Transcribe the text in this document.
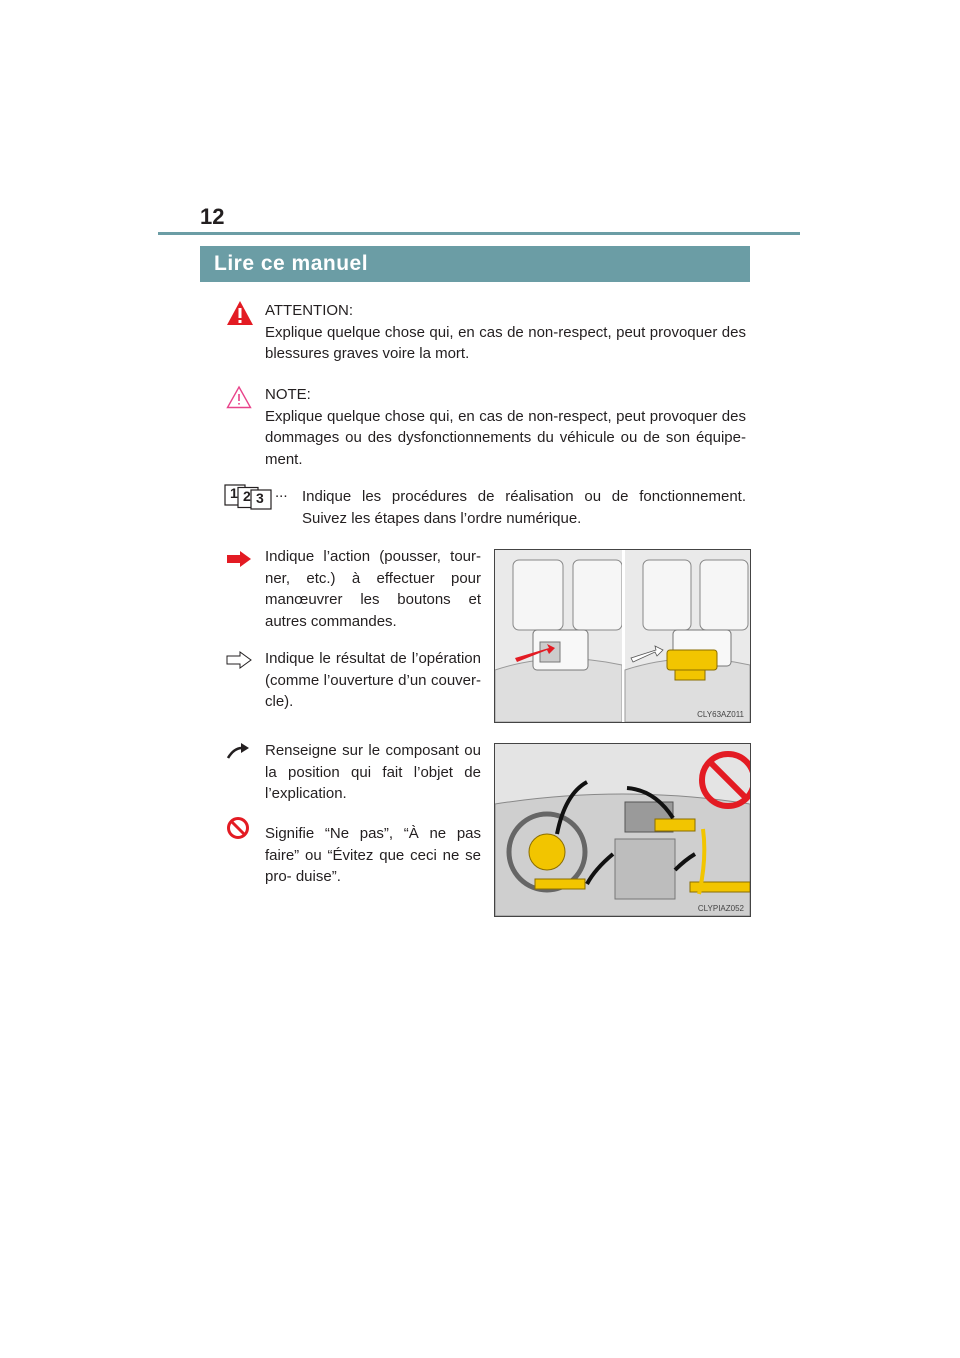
12
Lire ce manuel
ATTENTION:
Explique quelque chose qui, en cas de non-respect, peut provoquer des blessures graves voire la mort.
NOTE:
Explique quelque chose qui, en cas de non-respect, peut provoquer des dommages ou des dysfonctionnements du véhicule ou de son équipe- ment.
1 2 3 ... Indique les procédures de réalisation ou de fonctionnement. Suivez les étapes dans l’ordre numérique.
Indique l’action (pousser, tour- ner, etc.) à effectuer pour manœuvrer les boutons et autres commandes.
Indique le résultat de l’opération (comme l’ouverture d’un couver- cle).
Renseigne sur le composant ou la position qui fait l’objet de l’explication.
Signifie “Ne pas”, “À ne pas faire” ou “Évitez que ceci ne se pro- duise”.
CLY63AZ011
CLYPIAZ052
